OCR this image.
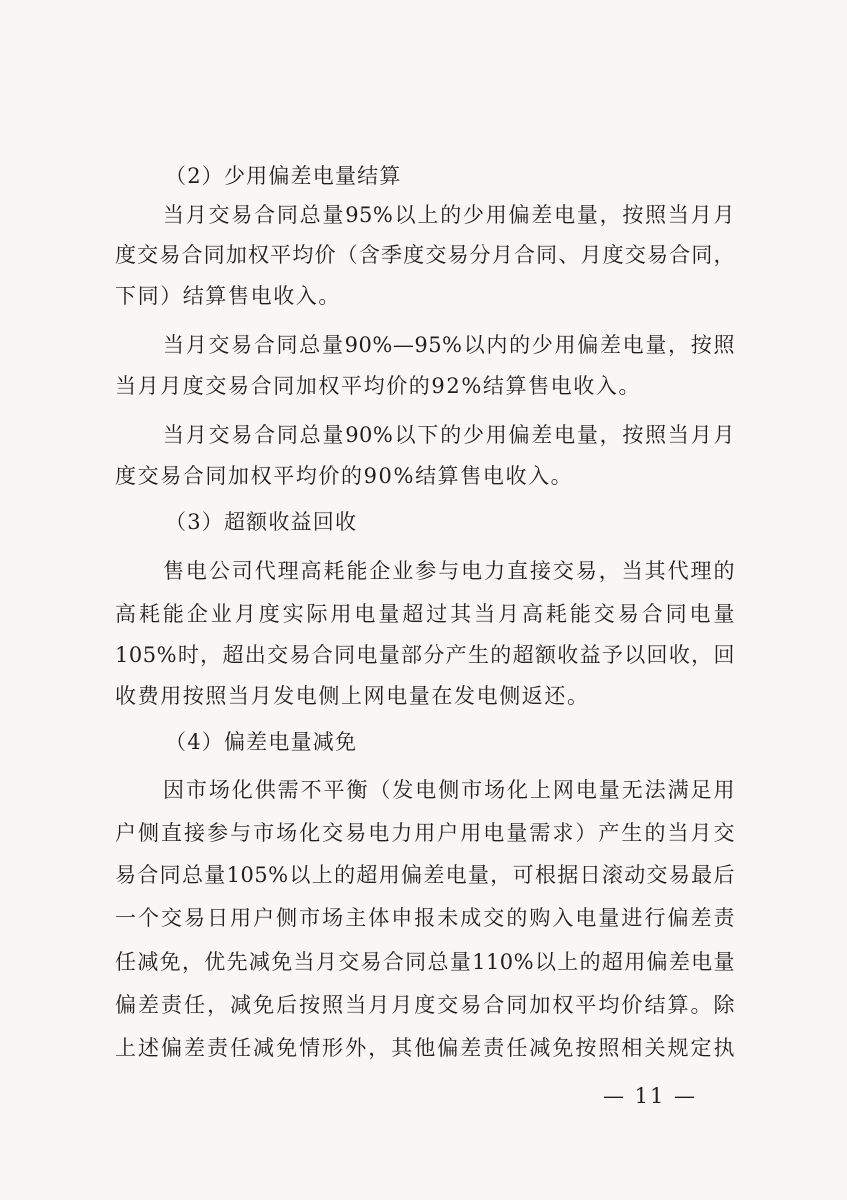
（2）少用偏差电量结算
当月交易合同总量95%以上的少用偏差电量，按照当月月
度交易合同加权平均价（含季度交易分月合同、月度交易合同，
下同）结算售电收入。
当月交易合同总量90%—95%以内的少用偏差电量，按照
当月月度交易合同加权平均价的92%结算售电收入。
当月交易合同总量90%以下的少用偏差电量，按照当月月
度交易合同加权平均价的90%结算售电收入。
（3）超额收益回收
售电公司代理高耗能企业参与电力直接交易，当其代理的
高耗能企业月度实际用电量超过其当月高耗能交易合同电量
105%时，超出交易合同电量部分产生的超额收益予以回收，回
收费用按照当月发电侧上网电量在发电侧返还。
（4）偏差电量减免
因市场化供需不平衡（发电侧市场化上网电量无法满足用
户侧直接参与市场化交易电力用户用电量需求）产生的当月交
易合同总量105%以上的超用偏差电量，可根据日滚动交易最后
一个交易日用户侧市场主体申报未成交的购入电量进行偏差责
任减免，优先减免当月交易合同总量110%以上的超用偏差电量
偏差责任，减免后按照当月月度交易合同加权平均价结算。除
上述偏差责任减免情形外，其他偏差责任减免按照相关规定执
— 11 —
